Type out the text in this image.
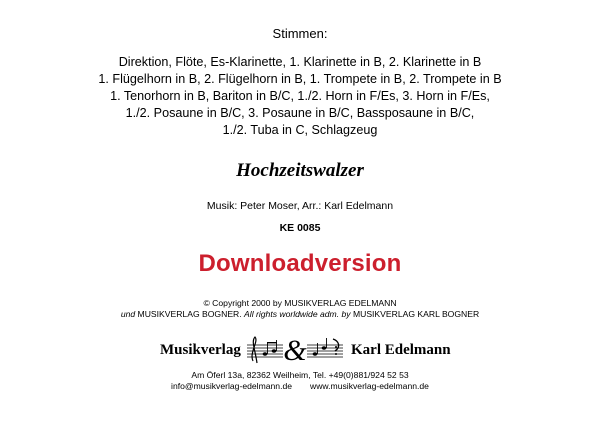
Stimmen:
Direktion, Flöte, Es-Klarinette, 1. Klarinette in B, 2. Klarinette in B
1. Flügelhorn in B, 2. Flügelhorn in B, 1. Trompete in B, 2. Trompete in B
1. Tenorhorn in B, Bariton in B/C, 1./2. Horn in F/Es, 3. Horn in F/Es,
1./2. Posaune in B/C, 3. Posaune in B/C, Bassposaune in B/C,
1./2. Tuba in C, Schlagzeug
Hochzeitswalzer
Musik: Peter Moser, Arr.: Karl Edelmann
KE 0085
Downloadversion
© Copyright 2000 by MUSIKVERLAG EDELMANN
und MUSIKVERLAG BOGNER. All rights worldwide adm. by MUSIKVERLAG KARL BOGNER
Musikverlag &	Karl Edelmann
Am Öferl 13a, 82362 Weilheim, Tel. +49(0)881/924 52 53
info@musikverlag-edelmann.de www.musikverlag-edelmann.de
